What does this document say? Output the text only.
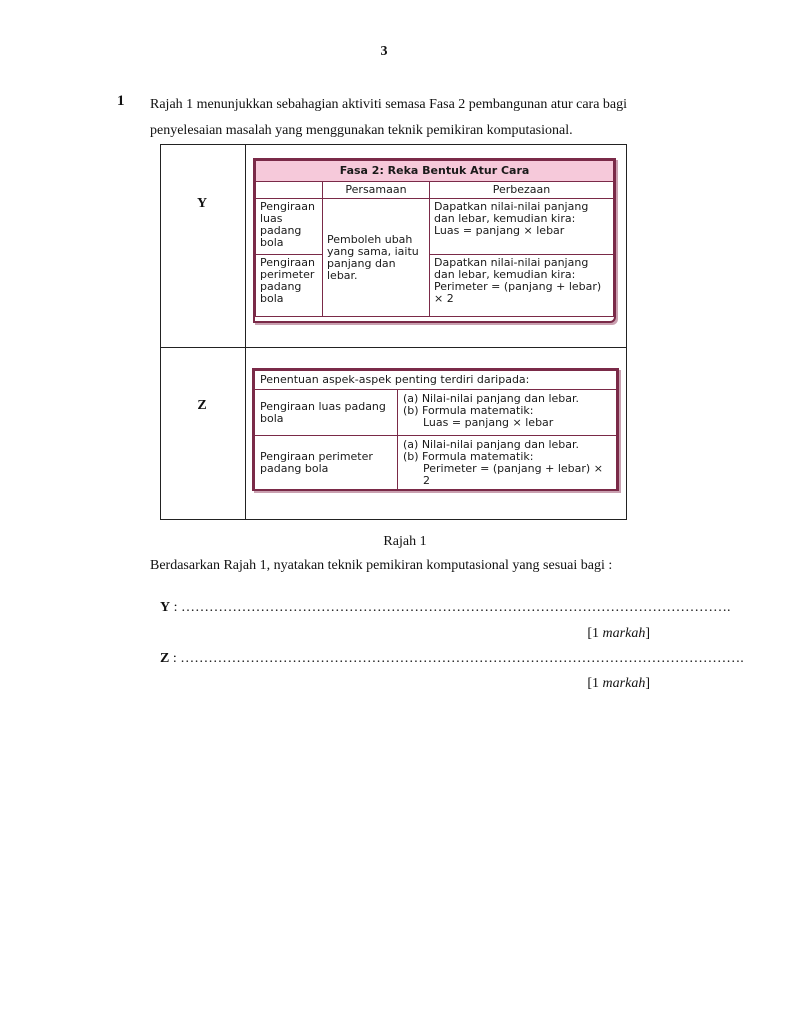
3
1 Rajah 1 menunjukkan sebahagian aktiviti semasa Fasa 2 pembangunan atur cara bagi penyelesaian masalah yang menggunakan teknik pemikiran komputasional.
Y
Z
Fasa 2: Reka Bentuk Atur Cara		
	Persamaan	Perbezaan
Pengiraan luas padang bola	Pemboleh ubah yang sama, iaitu panjang dan lebar.	Dapatkan nilai-nilai panjang dan lebar, kemudian kira:
Luas = panjang × lebar
Pengiraan perimeter padang bola		Dapatkan nilai-nilai panjang dan lebar, kemudian kira:
Perimeter = (panjang + lebar) × 2
Penentuan aspek-aspek penting terdiri daripada:	
Pengiraan luas padang bola	(a) Nilai-nilai panjang dan lebar.
(b) Formula matematik:
Luas = panjang × lebar

Pengiraan perimeter padang bola	(a) Nilai-nilai panjang dan lebar.
(b) Formula matematik:
Perimeter = (panjang + lebar) × 2
Rajah 1
Berdasarkan Rajah 1, nyatakan teknik pemikiran komputasional yang sesuai bagi :
Y : ……………………………………………………………………………………………………….
[1 markah]
Z : ………………………………………………………………………………………………………….
[1 markah]
